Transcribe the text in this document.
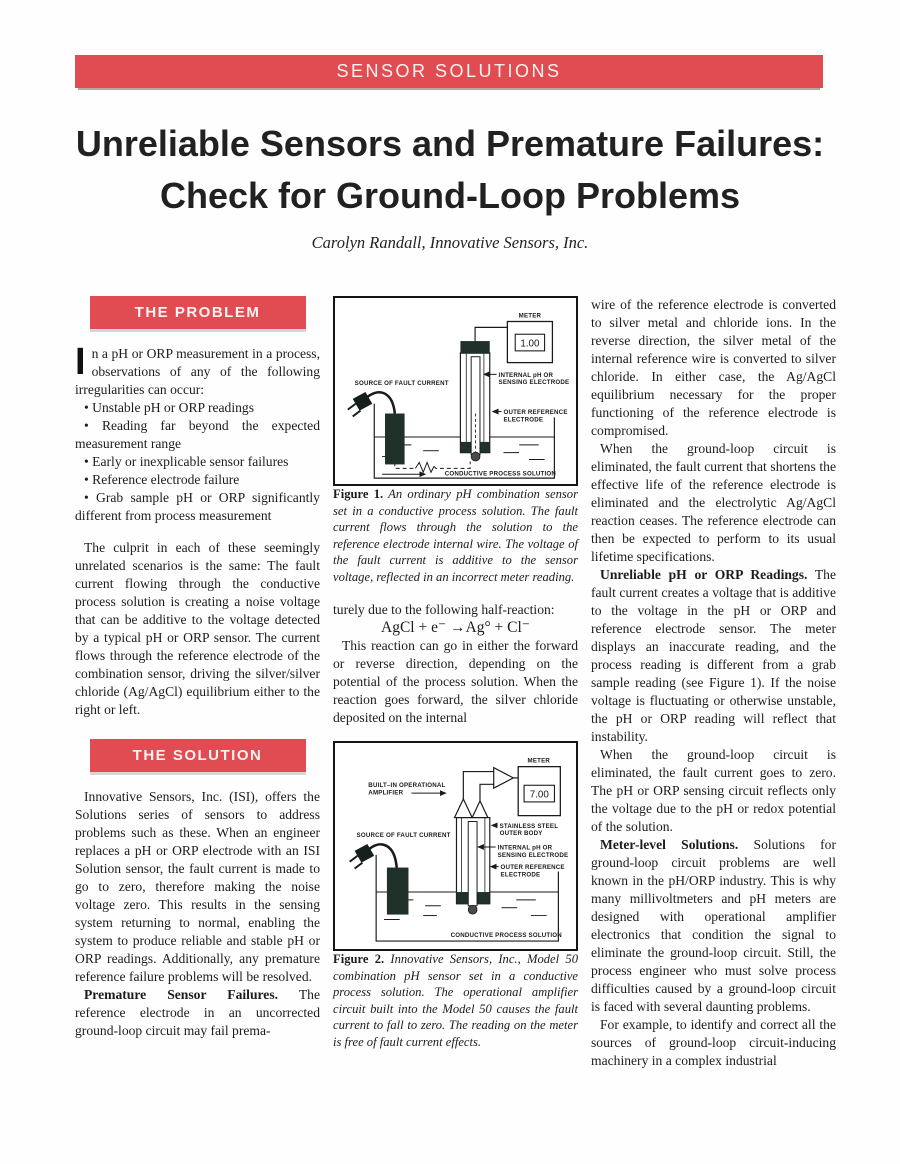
SENSOR SOLUTIONS
Unreliable Sensors and Premature Failures:
Check for Ground-Loop Problems
Carolyn Randall, Innovative Sensors, Inc.
THE PROBLEM

In a pH or ORP measurement in a process, observations of any of the following irregularities can occur:

• Unstable pH or ORP readings
• Reading far beyond the expected measurement range
• Early or inexplicable sensor failures
• Reference electrode failure
• Grab sample pH or ORP significantly different from process measurement

The culprit in each of these seemingly unrelated scenarios is the same: The fault current flowing through the conductive process solution is creating a noise voltage that can be additive to the voltage detected by a typical pH or ORP sensor. The current flows through the reference electrode of the combination sensor, driving the silver/silver chloride (Ag/AgCl) equilibrium either to the right or left.

THE SOLUTION

Innovative Sensors, Inc. (ISI), offers the Solutions series of sensors to address problems such as these. When an engineer replaces a pH or ORP electrode with an ISI Solution sensor, the fault current is made to go to zero, therefore making the noise voltage zero. This results in the sensing system returning to normal, enabling the system to produce reliable and stable pH or ORP readings. Additionally, any premature reference failure problems will be resolved.

Premature Sensor Failures. The reference electrode in an uncorrected ground-loop circuit may fail prema-

METER
1.00
SOURCE OF FAULT CURRENT
INTERNAL pH OR
SENSING ELECTRODE
OUTER REFERENCE
ELECTRODE
CONDUCTIVE PROCESS SOLUTION

Figure 1. An ordinary pH combination sensor set in a conductive process solution. The fault current flows through the solution to the reference electrode internal wire. The voltage of the fault current is additive to the sensor voltage, reflected in an incorrect meter reading.

turely due to the following half-reaction:

AgCl + e⁻ →Ag° + Cl⁻

This reaction can go in either the forward or reverse direction, depending on the potential of the process solution. When the reaction goes forward, the silver chloride deposited on the internal

METER
7.00
BUILT–IN OPERATIONAL
AMPLIFIER
SOURCE OF FAULT CURRENT
STAINLESS STEEL
OUTER BODY
INTERNAL pH OR
SENSING ELECTRODE
OUTER REFERENCE
ELECTRODE
CONDUCTIVE PROCESS SOLUTION

Figure 2. Innovative Sensors, Inc., Model 50 combination pH sensor set in a conductive process solution. The operational amplifier circuit built into the Model 50 causes the fault current to fall to zero. The reading on the meter is free of fault current effects.

wire of the reference electrode is converted to silver metal and chloride ions. In the reverse direction, the silver metal of the internal reference wire is converted to silver chloride. In either case, the Ag/AgCl equilibrium necessary for the proper functioning of the reference electrode is compromised.

When the ground-loop circuit is eliminated, the fault current that shortens the effective life of the reference electrode is eliminated and the electrolytic Ag/AgCl reaction ceases. The reference electrode can then be expected to perform to its usual lifetime specifications.

Unreliable pH or ORP Readings. The fault current creates a voltage that is additive to the voltage in the pH or ORP and reference electrode sensor. The meter displays an inaccurate reading, and the process reading is different from a grab sample reading (see Figure 1). If the noise voltage is fluctuating or otherwise unstable, the pH or ORP reading will reflect that instability.

When the ground-loop circuit is eliminated, the fault current goes to zero. The pH or ORP sensing circuit reflects only the voltage due to the pH or redox potential of the solution.

Meter-level Solutions. Solutions for ground-loop circuit problems are well known in the pH/ORP industry. This is why many millivoltmeters and pH meters are designed with operational amplifier electronics that condition the signal to eliminate the ground-loop circuit. Still, the process engineer who must solve process difficulties caused by a ground-loop circuit is faced with several daunting problems.

For example, to identify and correct all the sources of ground-loop circuit-inducing machinery in a complex industrial
